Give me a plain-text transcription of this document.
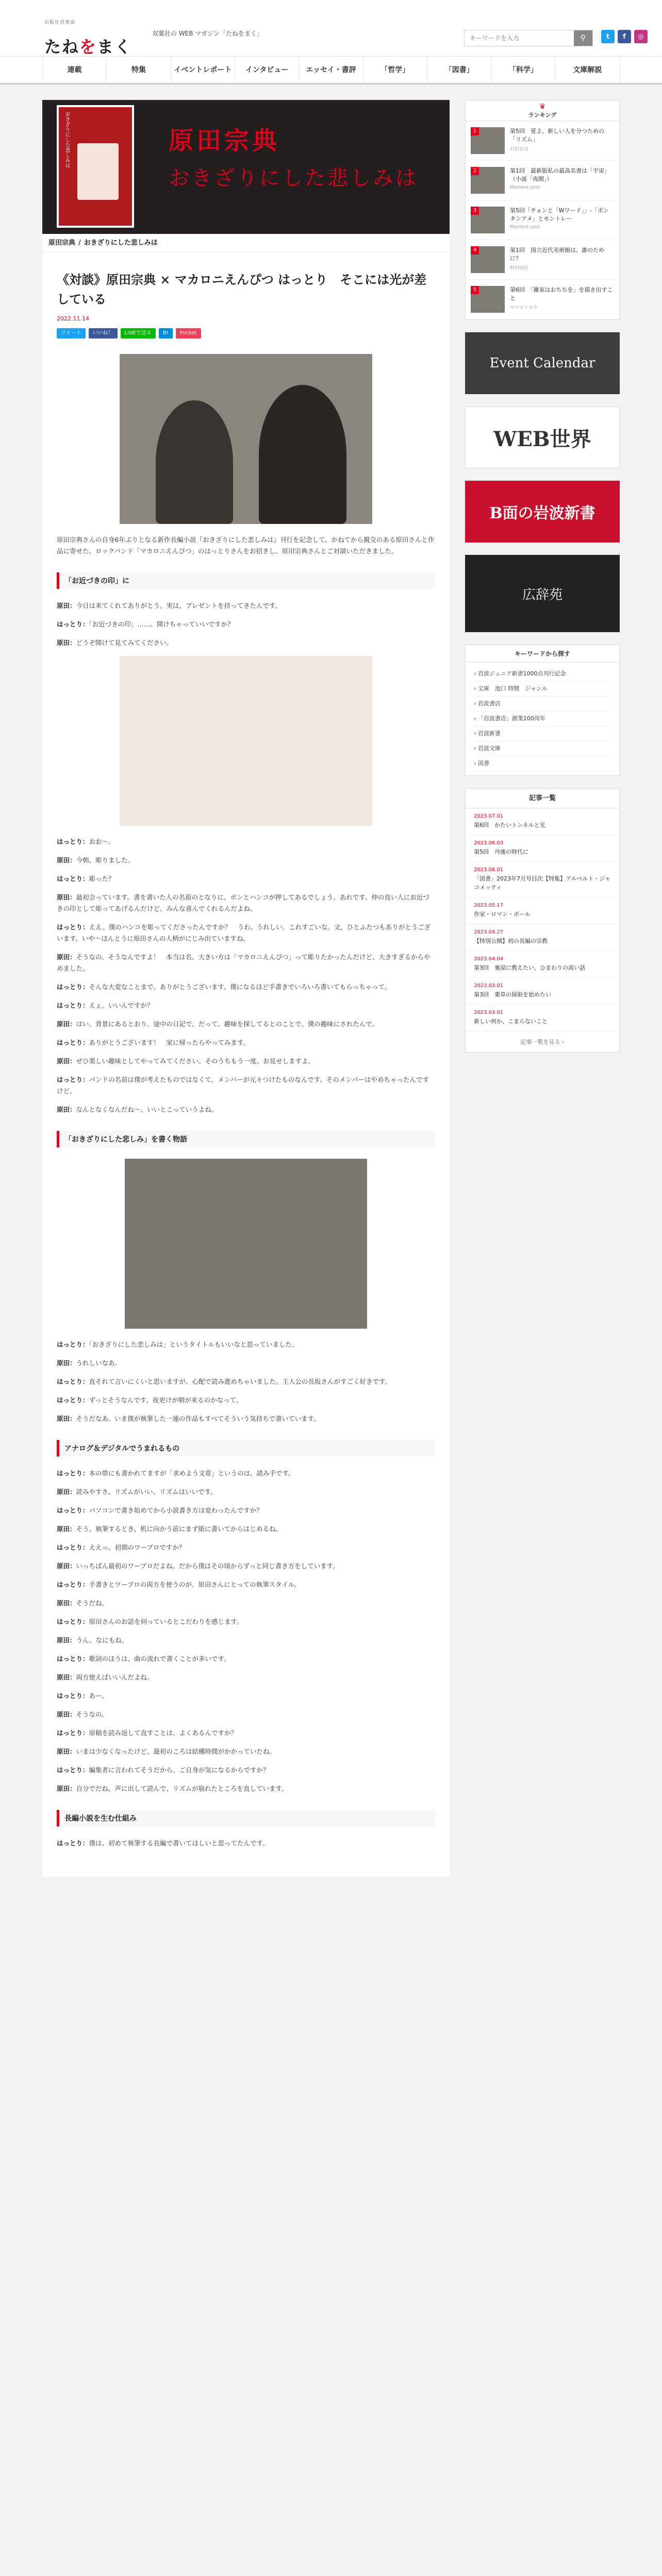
出版社営業部
たねをまく
双葉社の WEB マガジン「たねをまく」
キーワードを入力
⚲	t	f	◎
連載	特集	イベントレポート	インタビュー	エッセイ・書評	「哲学」	「図書」	「科学」	文庫解説
おきざりにした悲しみは	原田宗典
おきざりにした悲しみは
原田宗典 / おきざりにした悲しみは
《対談》原田宗典 × マカロニえんぴつ はっとり　そこには光が差している
2022.11.14
ツイート	いいね！	LINEで送る	B!	Pocket

原田宗典さんの自身6年ぶりとなる新作長編小説『おきざりにした悲しみは』刊行を記念して、かねてから親交のある原田さんと作品に寄せた、ロックバンド「マカロニえんぴつ」のはっとりさんをお招きし、原田宗典さんとご対談いただきました。

「お近づきの印」に

原田：今日は来てくれてありがとう。実は、プレゼントを持ってきたんです。

はっとり：「お近づきの印」……。開けちゃっていいですか？

原田：どうぞ開けて見てみてください。

はっとり：おお〜。

原田：今朝、彫りました。

はっとり：彫った？

原田：最初会っています。書を書いた人の名前のとなりに、ボンとハンコが押してあるでしょう。あれです。仲の良い人にお近づきの印として彫ってあげるんだけど、みんな喜んでくれるんだよね。

はっとり：ええ。僕のハンコを彫ってくださったんですか？　うわ、うれしい。これすごいな。文、ひとふたつもありがとうございます。いや〜ほんとうに原田さんの人柄がにじみ出ていますね。

原田：そうなの。そうなんですよ！　本当は名、大きい方は「マカロニえんぴつ」って彫りたかったんだけど、大きすぎるからやめました。

はっとり：そんな大変なことまで。ありがとうございます。僕になるほど手書きでいろいろ書いてもらっちゃって。

はっとり：えぇ。いいんですか？

原田：はい。背景にあるとおり、途中の日記で。だって、趣味を探してるとのことで、僕の趣味にされたんで。

はっとり：ありがとうございます！　家に帰ったらやってみます。

原田：ぜひ楽しい趣味としてやってみてください。そのうちもう一度、お見せしますよ。

はっとり：バンドの名前は僕が考えたものではなくて、メンバーが元々つけたものなんです。そのメンバーはやめちゃったんですけど。

原田：なんとなくなんだね〜。いいとこっていうよね。

「おきざりにした悲しみ」を書く物語

はっとり：「おきざりにした悲しみは」というタイトルもいいなと思っていました。

原田：うれしいなあ。

はっとり：直それて言いにくいと思いますが、心配で読み進めちゃいました。主人公の長坂さんがすごく好きです。

はっとり：ずっとそうなんです。夜更けが朝が来るのかなって。

原田：そうだなあ。いま僕が執筆した一連の作品もすべてそういう気持ちで書いています。

アナログ＆デジタルでうまれるもの

はっとり：本の帯にも書かれてますが「求めよう文章」というのは、読み手です。

原田：読みやすさ、リズムがいい、リズムはいいです。

はっとり：パソコンで書き始めてから小説書き方は変わったんですか？

原田：そう。執筆するとき、机に向かう前にまず紙に書いてからはじめるね。

はっとり：ええっ。初期のワープロですか？

原田：いっちばん最初のワープロだよね。だから僕はその頃からずっと同じ書き方をしています。

はっとり：手書きとワープロの両方を使うのが、原田さんにとっての執筆スタイル。

原田：そうだね。

はっとり：原田さんのお話を伺っているとこだわりを感じます。

原田：うん。なにもね。

はっとり：歌詞のほうは、曲の流れで書くことが多いです。

原田：両方使えばいいんだよね。

はっとり：あー。

原田：そうなの。

はっとり：原稿を読み返して直すことは、よくあるんですか？

原田：いまは少なくなったけど、最初のころは結構時間がかかっていたね。

はっとり：編集者に言われてそうだから。ご自身が気になるからですか？

原田：自分でだね。声に出して読んで、リズムが崩れたところを直しています。

長編小説を生む仕組み

はっとり：僕は、初めて執筆する長編で書いてほしいと思ってたんです。

♛
ランキング
1	第5回　夏よ、新しい人を分つための「リズム」
石田衣良
2	第1回　最新版私の最高名書は「宇宙」（小説「夜間」）
Moment Joon
3	第5回「チョンと「Wワード」」-「ボンタンアメ」とモントレー
Moment Joon
4	第1回　国立近代美術館は、誰のために？
野村由佳
5	第6回　「雑室はおちちを」を描き出すこと
ヤマモトヨウ
Event Calendar
WEB世界
B面の岩波新書
広辞苑
キーワードから探す
› 岩波ジュニア新書1000点刊行記念
› 文庫　池口 時間　ジャンル
› 岩波書店
› 「岩波書店」創業100周年
› 岩波新書
› 岩波文庫
› 図書
記事一覧
2023.07.01
第6回　かたいトンネルと光
2023.06.03
第5回　丹後の時代に
2023.06.01
「図書」2023年7月号目次【特集】アルベルト・ジャコメッティ
2023.05.17
作家・ロマン・ポール
2023.04.27
【特別公開】初の長編の宗教
2023.04.04
第3回　裏屋に教えたい、ひまわりの高い話
2023.03.01
第3回　薬草の採取を始めたい
2023.03.01
新しい何か、こまらないこと
記事一覧を見る ›
